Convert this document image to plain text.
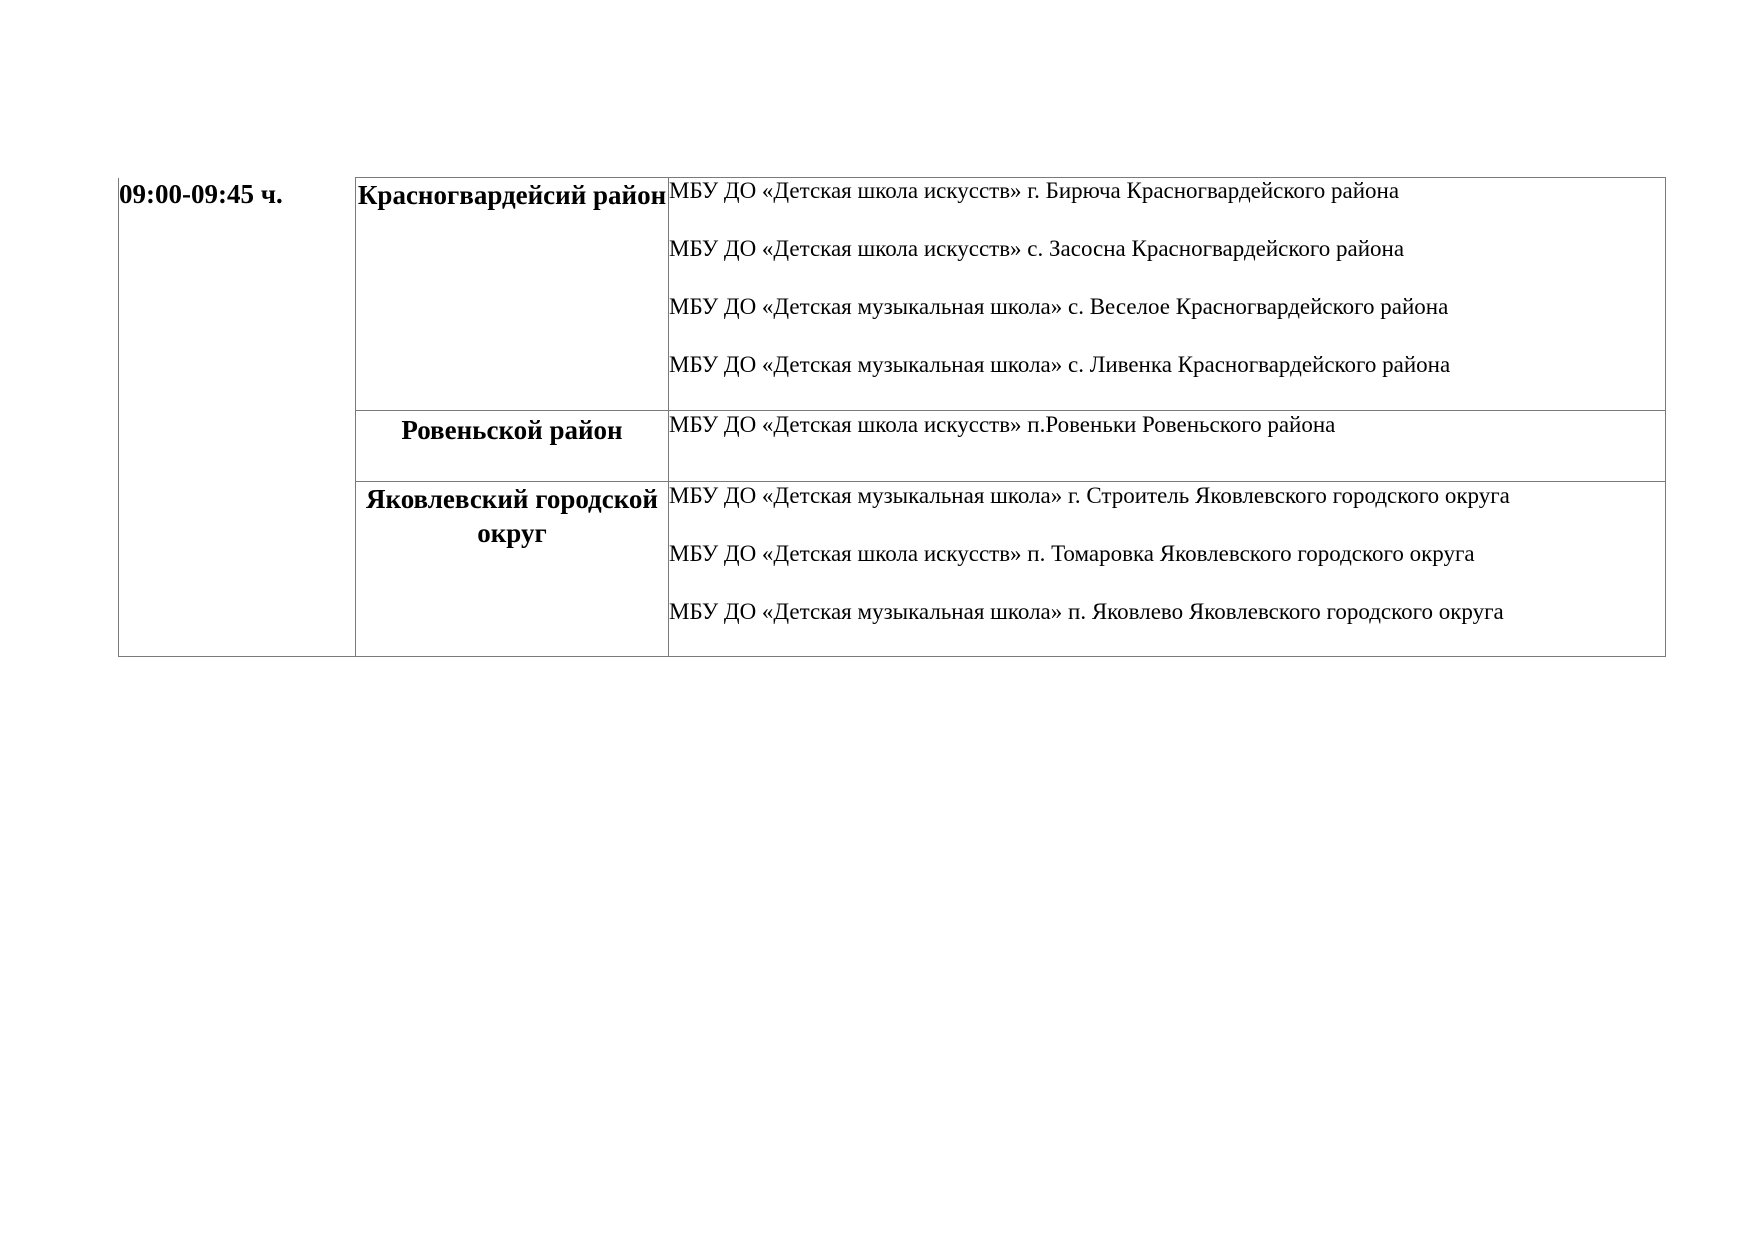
09:00-09:45 ч.	Красногвардейсий район	МБУ ДО «Детская школа искусств» г. Бирюча Красногвардейского района
МБУ ДО «Детская школа искусств» с. Засосна Красногвардейского района
МБУ ДО «Детская музыкальная школа» с. Веселое Красногвардейского района
МБУ ДО «Детская музыкальная школа» с. Ливенка Красногвардейского района

	Ровеньской район	МБУ ДО «Детская школа искусств» п.Ровеньки Ровеньского района

	Яковлевский городской округ	МБУ ДО «Детская музыкальная школа» г. Строитель Яковлевского городского округа
МБУ ДО «Детская школа искусств» п. Томаровка Яковлевского городского округа
МБУ ДО «Детская музыкальная школа» п. Яковлево Яковлевского городского округа
